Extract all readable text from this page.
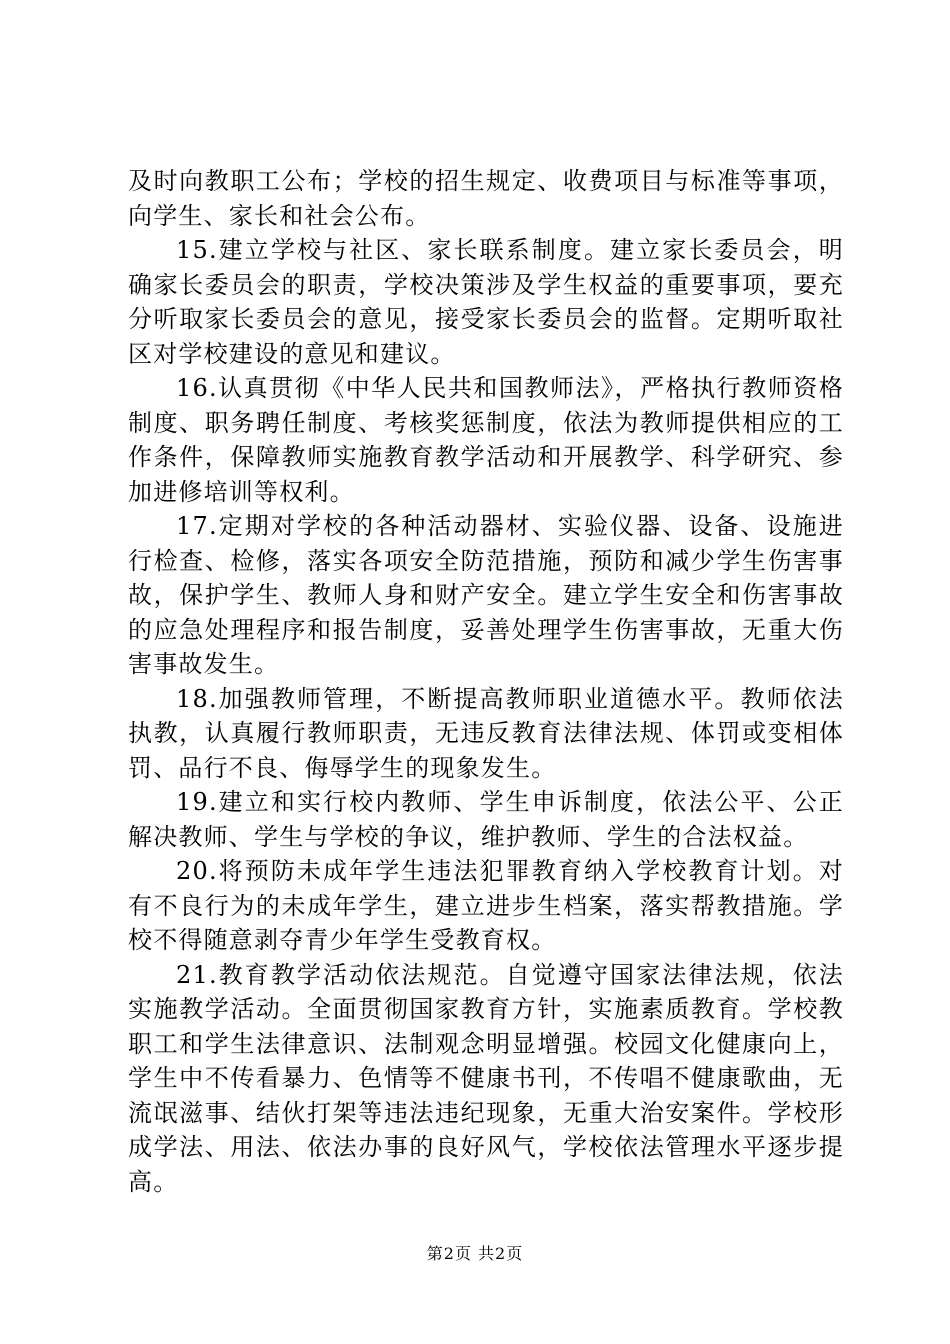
及时向教职工公布；学校的招生规定、收费项目与标准等事项，向学生、家长和社会公布。

15.建立学校与社区、家长联系制度。建立家长委员会，明确家长委员会的职责，学校决策涉及学生权益的重要事项，要充分听取家长委员会的意见，接受家长委员会的监督。定期听取社区对学校建设的意见和建议。

16.认真贯彻《中华人民共和国教师法》，严格执行教师资格制度、职务聘任制度、考核奖惩制度，依法为教师提供相应的工作条件，保障教师实施教育教学活动和开展教学、科学研究、参加进修培训等权利。

17.定期对学校的各种活动器材、实验仪器、设备、设施进行检查、检修，落实各项安全防范措施，预防和减少学生伤害事故，保护学生、教师人身和财产安全。建立学生安全和伤害事故的应急处理程序和报告制度，妥善处理学生伤害事故，无重大伤害事故发生。

18.加强教师管理，不断提高教师职业道德水平。教师依法执教，认真履行教师职责，无违反教育法律法规、体罚或变相体罚、品行不良、侮辱学生的现象发生。

19.建立和实行校内教师、学生申诉制度，依法公平、公正解决教师、学生与学校的争议，维护教师、学生的合法权益。

20.将预防未成年学生违法犯罪教育纳入学校教育计划。对有不良行为的未成年学生，建立进步生档案，落实帮教措施。学校不得随意剥夺青少年学生受教育权。

21.教育教学活动依法规范。自觉遵守国家法律法规，依法实施教学活动。全面贯彻国家教育方针，实施素质教育。学校教职工和学生法律意识、法制观念明显增强。校园文化健康向上，学生中不传看暴力、色情等不健康书刊，不传唱不健康歌曲，无流氓滋事、结伙打架等违法违纪现象，无重大治安案件。学校形成学法、用法、依法办事的良好风气，学校依法管理水平逐步提高。

第2页 共2页
